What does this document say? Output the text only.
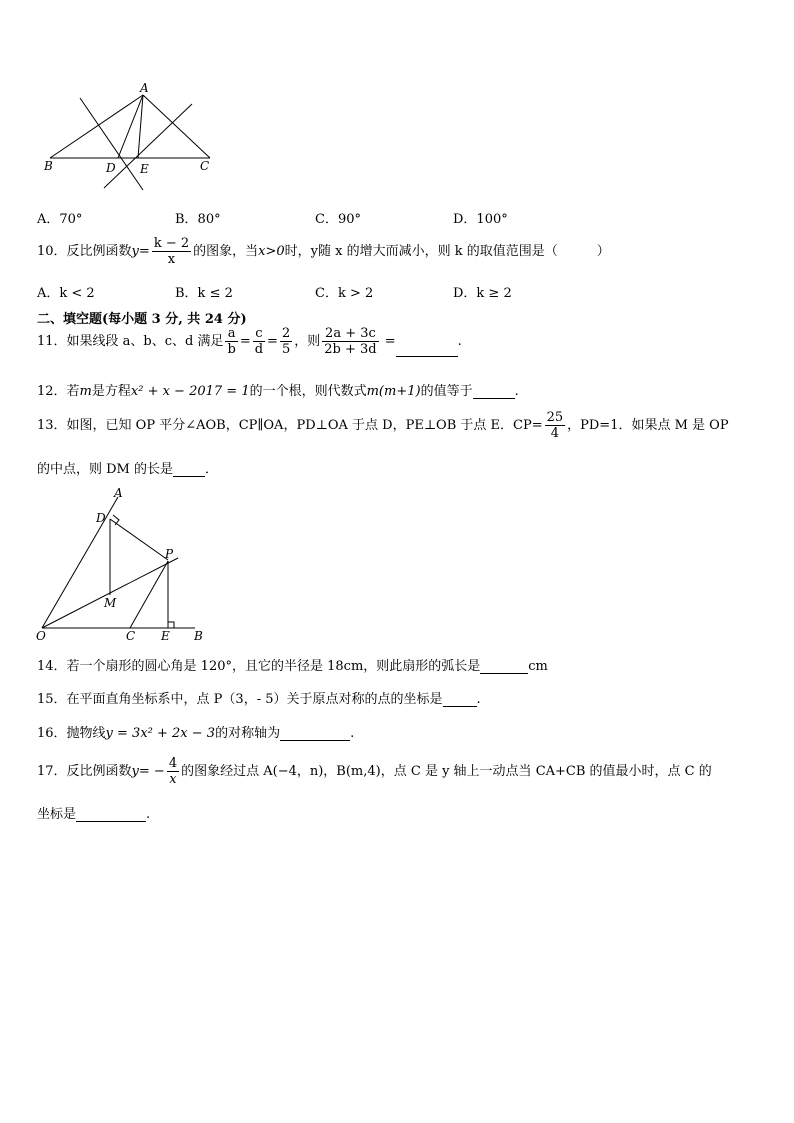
A
B	D E	C
A．70°	B．80°	C．90°	D．100°
10．反比例函数$y= \frac{k - 2}{x}$ 的图象，当x>0时，y随 x 的增大而减小，则 k 的取值范围是（　　　）
A．k < 2	B．k ≤ 2	C．k > 2	D．k ≥ 2
二、填空题(每小题 3 分, 共 24 分)
11．如果线段 a、b、c、d 满足 $\frac{a}{b} = \frac{c}{d} = \frac{2}{5}$ ，则 $\frac{2a + 3c}{2b + 3d}$ =	.
12．若m是方程x² + x − 2017 = 1的一个根，则代数式m(m+1)的值等于	.
13．如图，已知 OP 平分∠AOB，CP∥OA，PD⊥OA 于点 D，PE⊥OB 于点 E．$CP= \frac{25}{4}$ ，PD=1．如果点 M 是 OP
的中点，则 DM 的长是 ．
A
D
P
M
O	C E B
14．若一个扇形的圆心角是 120°，且它的半径是 18cm，则此扇形的弧长是	cm
15．在平面直角坐标系中，点 P（3，- 5）关于原点对称的点的坐标是	.
16．抛物线y = 3x² + 2x − 3的对称轴为	.
17．反比例函数$y= - \frac{4}{x}$ 的图象经过点 A(−4，n)，B(m,4)，点 C 是 y 轴上一动点当 CA+CB 的值最小时，点 C 的
坐标是	.
